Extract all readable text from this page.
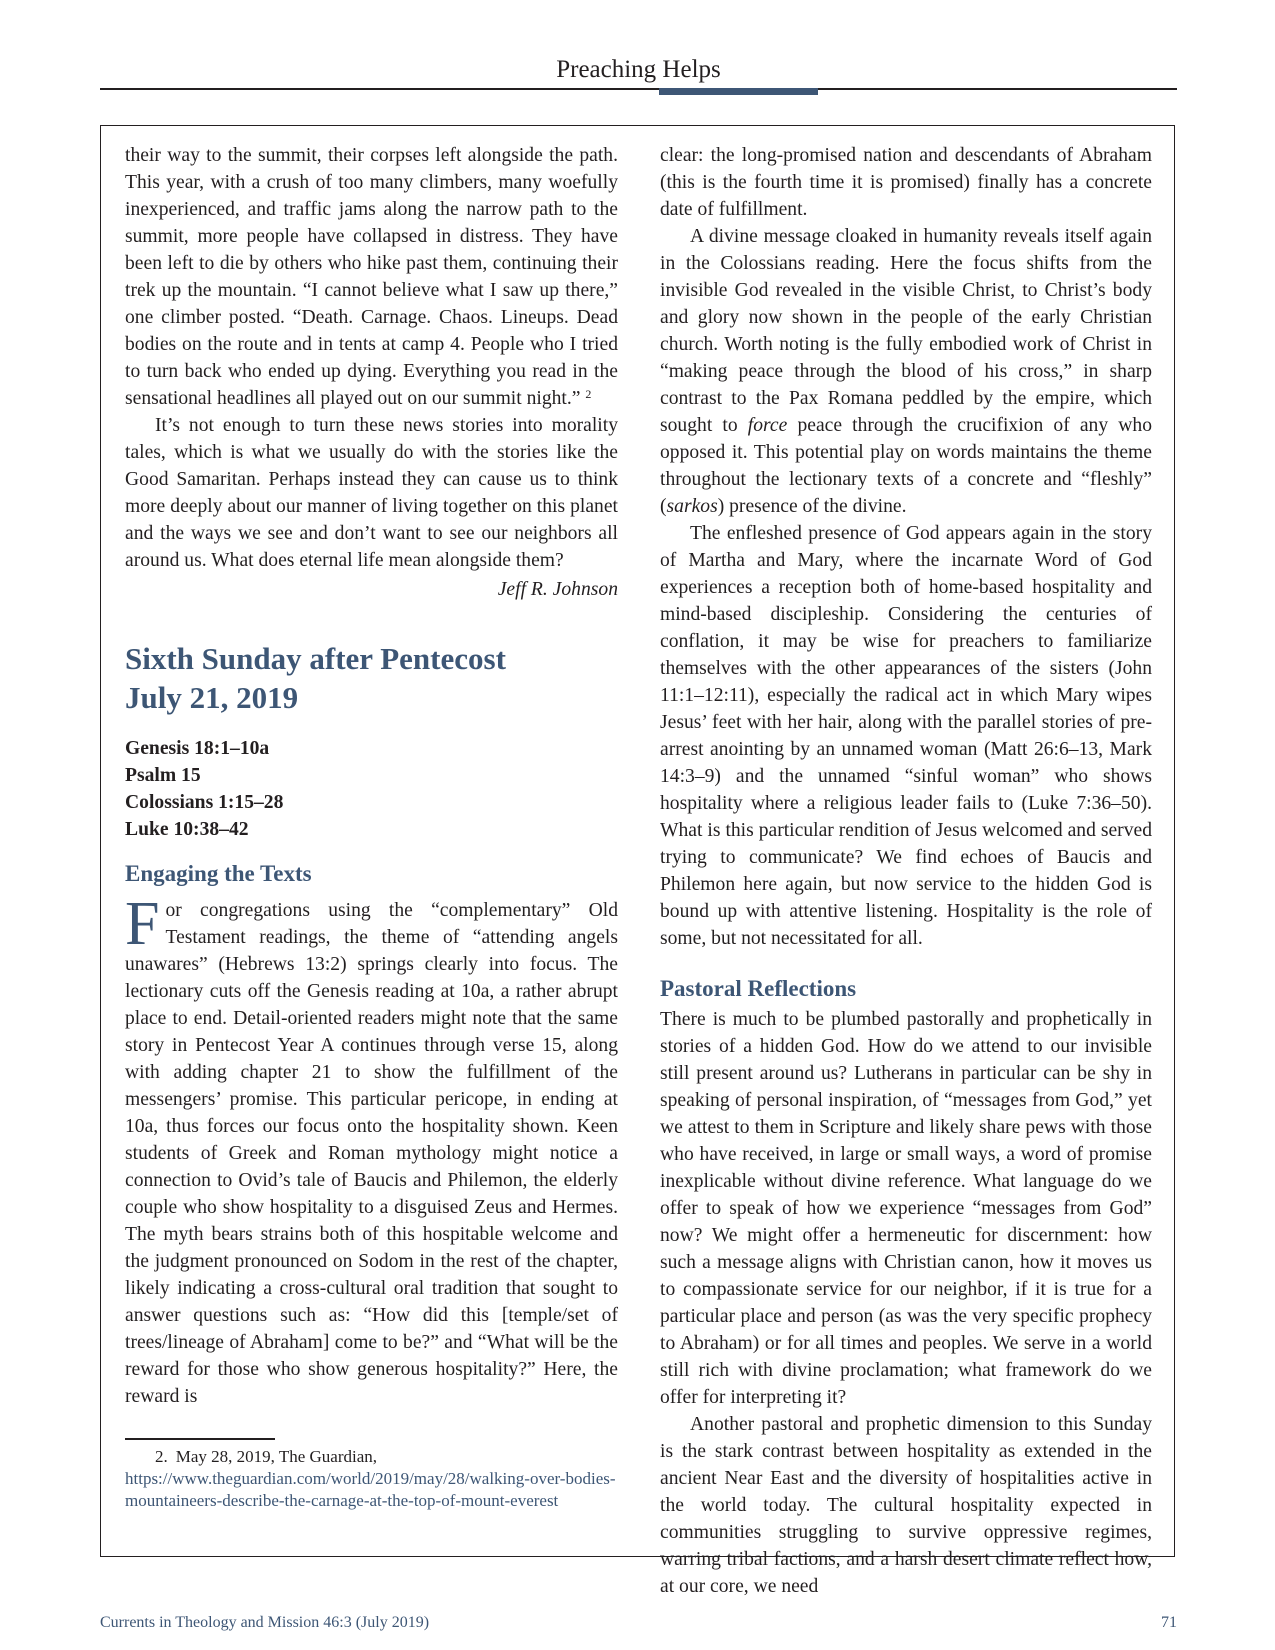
Preaching Helps

their way to the summit, their corpses left alongside the path. This year, with a crush of too many climbers, many woefully inexperienced, and traffic jams along the narrow path to the summit, more people have collapsed in distress. They have been left to die by others who hike past them, continuing their trek up the mountain. “I cannot believe what I saw up there,” one climber posted. “Death. Carnage. Chaos. Lineups. Dead bodies on the route and in tents at camp 4. People who I tried to turn back who ended up dying. Everything you read in the sensational headlines all played out on our summit night.” $^2$

It’s not enough to turn these news stories into morality tales, which is what we usually do with the stories like the Good Samaritan. Perhaps instead they can cause us to think more deeply about our manner of living together on this planet and the ways we see and don’t want to see our neighbors all around us. What does eternal life mean alongside them?

Jeff R. Johnson
Sixth Sunday after Pentecost
July 21, 2019
Genesis 18:1–10a
Psalm 15
Colossians 1:15–28
Luke 10:38–42
Engaging the Texts

For congregations using the “complementary” Old Testament readings, the theme of “attending angels unawares” (Hebrews 13:2) springs clearly into focus. The lectionary cuts off the Genesis reading at 10a, a rather abrupt place to end. Detail-oriented readers might note that the same story in Pentecost Year A continues through verse 15, along with adding chapter 21 to show the fulfillment of the messengers’ promise. This particular pericope, in ending at 10a, thus forces our focus onto the hospitality shown. Keen students of Greek and Roman mythology might notice a connection to Ovid’s tale of Baucis and Philemon, the elderly couple who show hospitality to a disguised Zeus and Hermes. The myth bears strains both of this hospitable welcome and the judgment pronounced on Sodom in the rest of the chapter, likely indicating a cross-cultural oral tradition that sought to answer questions such as: “How did this [temple/set of trees/lineage of Abraham] come to be?” and “What will be the reward for those who show generous hospitality?” Here, the reward is

2. May 28, 2019, The Guardian, https://www.theguardian.com/world/2019/may/28/walking-over-bodies-mountaineers-describe-the-carnage-at-the-top-of-mount-everest

clear: the long-promised nation and descendants of Abraham (this is the fourth time it is promised) finally has a concrete date of fulfillment.

A divine message cloaked in humanity reveals itself again in the Colossians reading. Here the focus shifts from the invisible God revealed in the visible Christ, to Christ’s body and glory now shown in the people of the early Christian church. Worth noting is the fully embodied work of Christ in “making peace through the blood of his cross,” in sharp contrast to the Pax Romana peddled by the empire, which sought to force peace through the crucifixion of any who opposed it. This potential play on words maintains the theme throughout the lectionary texts of a concrete and “fleshly” (sarkos) presence of the divine.

The enfleshed presence of God appears again in the story of Martha and Mary, where the incarnate Word of God experiences a reception both of home-based hospitality and mind-based discipleship. Considering the centuries of conflation, it may be wise for preachers to familiarize themselves with the other appearances of the sisters (John 11:1–12:11), especially the radical act in which Mary wipes Jesus’ feet with her hair, along with the parallel stories of pre-arrest anointing by an unnamed woman (Matt 26:6–13, Mark 14:3–9) and the unnamed “sinful woman” who shows hospitality where a religious leader fails to (Luke 7:36–50). What is this particular rendition of Jesus welcomed and served trying to communicate? We find echoes of Baucis and Philemon here again, but now service to the hidden God is bound up with attentive listening. Hospitality is the role of some, but not necessitated for all.

Pastoral Reflections

There is much to be plumbed pastorally and prophetically in stories of a hidden God. How do we attend to our invisible still present around us? Lutherans in particular can be shy in speaking of personal inspiration, of “messages from God,” yet we attest to them in Scripture and likely share pews with those who have received, in large or small ways, a word of promise inexplicable without divine reference. What language do we offer to speak of how we experience “messages from God” now? We might offer a hermeneutic for discernment: how such a message aligns with Christian canon, how it moves us to compassionate service for our neighbor, if it is true for a particular place and person (as was the very specific prophecy to Abraham) or for all times and peoples. We serve in a world still rich with divine proclamation; what framework do we offer for interpreting it?

Another pastoral and prophetic dimension to this Sunday is the stark contrast between hospitality as extended in the ancient Near East and the diversity of hospitalities active in the world today. The cultural hospitality expected in communities struggling to survive oppressive regimes, warring tribal factions, and a harsh desert climate reflect how, at our core, we need

Currents in Theology and Mission 46:3 (July 2019)	71
